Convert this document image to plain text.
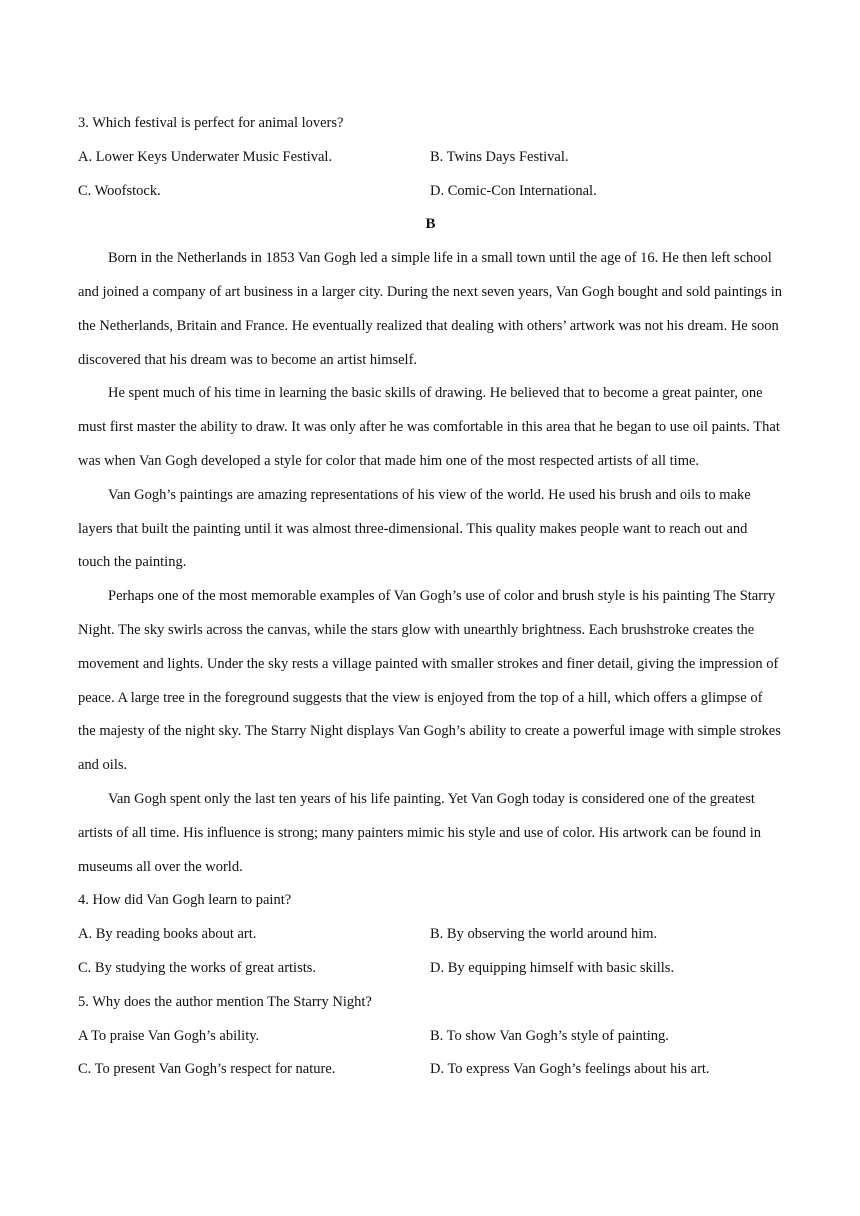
3. Which festival is perfect for animal lovers?
A. Lower Keys Underwater Music Festival.	B. Twins Days Festival.
C. Woofstock.	D. Comic-Con International.
B

Born in the Netherlands in 1853 Van Gogh led a simple life in a small town until the age of 16. He then left school and joined a company of art business in a larger city. During the next seven years, Van Gogh bought and sold paintings in the Netherlands, Britain and France. He eventually realized that dealing with others’ artwork was not his dream. He soon discovered that his dream was to become an artist himself.

He spent much of his time in learning the basic skills of drawing. He believed that to become a great painter, one must first master the ability to draw. It was only after he was comfortable in this area that he began to use oil paints. That was when Van Gogh developed a style for color that made him one of the most respected artists of all time.

Van Gogh’s paintings are amazing representations of his view of the world. He used his brush and oils to make layers that built the painting until it was almost three-dimensional. This quality makes people want to reach out and touch the painting.

Perhaps one of the most memorable examples of Van Gogh’s use of color and brush style is his painting The Starry Night. The sky swirls across the canvas, while the stars glow with unearthly brightness. Each brushstroke creates the movement and lights. Under the sky rests a village painted with smaller strokes and finer detail, giving the impression of peace. A large tree in the foreground suggests that the view is enjoyed from the top of a hill, which offers a glimpse of the majesty of the night sky. The Starry Night displays Van Gogh’s ability to create a powerful image with simple strokes and oils.

Van Gogh spent only the last ten years of his life painting. Yet Van Gogh today is considered one of the greatest artists of all time. His influence is strong; many painters mimic his style and use of color. His artwork can be found in museums all over the world.

4. How did Van Gogh learn to paint?
A. By reading books about art.	B. By observing the world around him.
C. By studying the works of great artists.	D. By equipping himself with basic skills.
5. Why does the author mention The Starry Night?
A To praise Van Gogh’s ability.	B. To show Van Gogh’s style of painting.
C. To present Van Gogh’s respect for nature.	D. To express Van Gogh’s feelings about his art.
